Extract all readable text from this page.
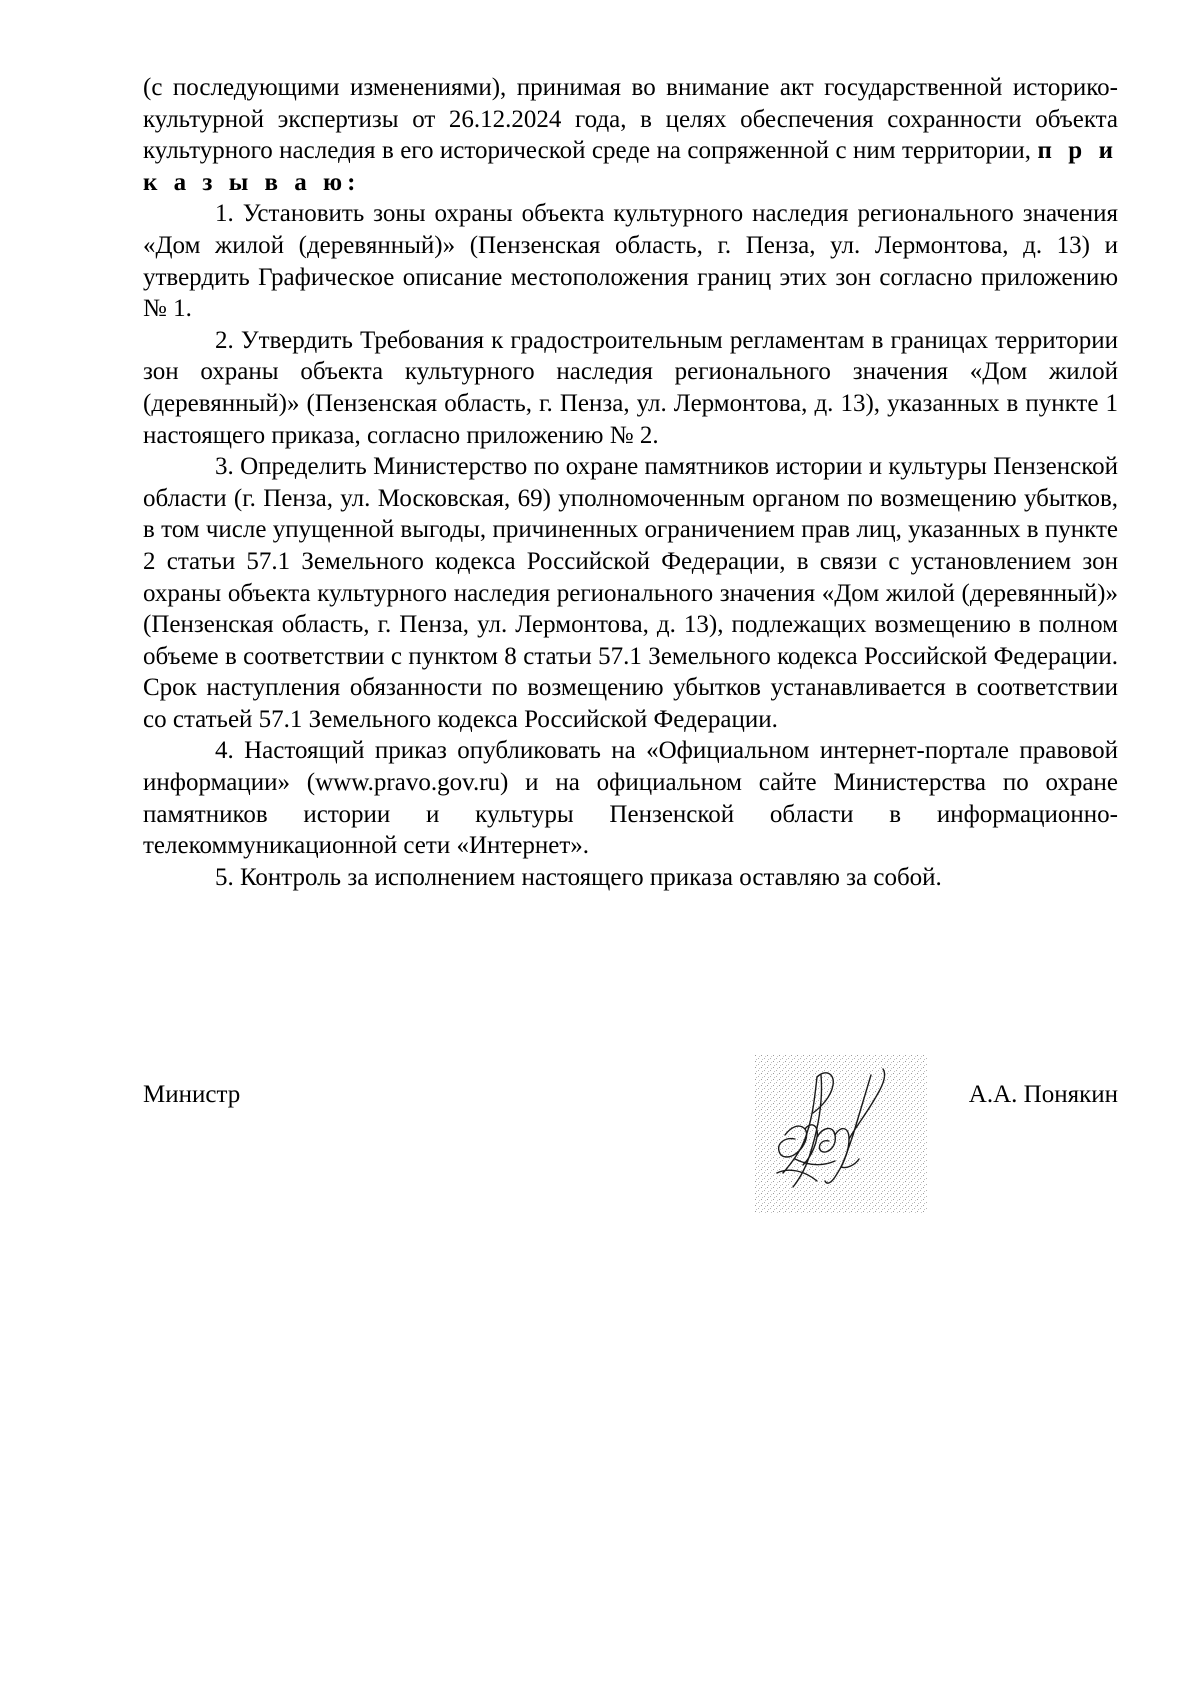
(с последующими изменениями), принимая во внимание акт государственной историко-культурной экспертизы от 26.12.2024 года, в целях обеспечения сохранности объекта культурного наследия в его исторической среде на сопряженной с ним территории, п р и к а з ы в а ю:

1. Установить зоны охраны объекта культурного наследия регионального значения «Дом жилой (деревянный)» (Пензенская область, г. Пенза, ул. Лермонтова, д. 13) и утвердить Графическое описание местоположения границ этих зон согласно приложению № 1.

2. Утвердить Требования к градостроительным регламентам в границах территории зон охраны объекта культурного наследия регионального значения «Дом жилой (деревянный)» (Пензенская область, г. Пенза, ул. Лермонтова, д. 13), указанных в пункте 1 настоящего приказа, согласно приложению № 2.

3. Определить Министерство по охране памятников истории и культуры Пензенской области (г. Пенза, ул. Московская, 69) уполномоченным органом по возмещению убытков, в том числе упущенной выгоды, причиненных ограничением прав лиц, указанных в пункте 2 статьи 57.1 Земельного кодекса Российской Федерации, в связи с установлением зон охраны объекта культурного наследия регионального значения «Дом жилой (деревянный)» (Пензенская область, г. Пенза, ул. Лермонтова, д. 13), подлежащих возмещению в полном объеме в соответствии с пунктом 8 статьи 57.1 Земельного кодекса Российской Федерации. Срок наступления обязанности по возмещению убытков устанавливается в соответствии со статьей 57.1 Земельного кодекса Российской Федерации.

4. Настоящий приказ опубликовать на «Официальном интернет-портале правовой информации» (www.pravo.gov.ru) и на официальном сайте Министерства по охране памятников истории и культуры Пензенской области в информационно-телекоммуникационной сети «Интернет».

5. Контроль за исполнением настоящего приказа оставляю за собой.

Министр	А.А. Понякин
